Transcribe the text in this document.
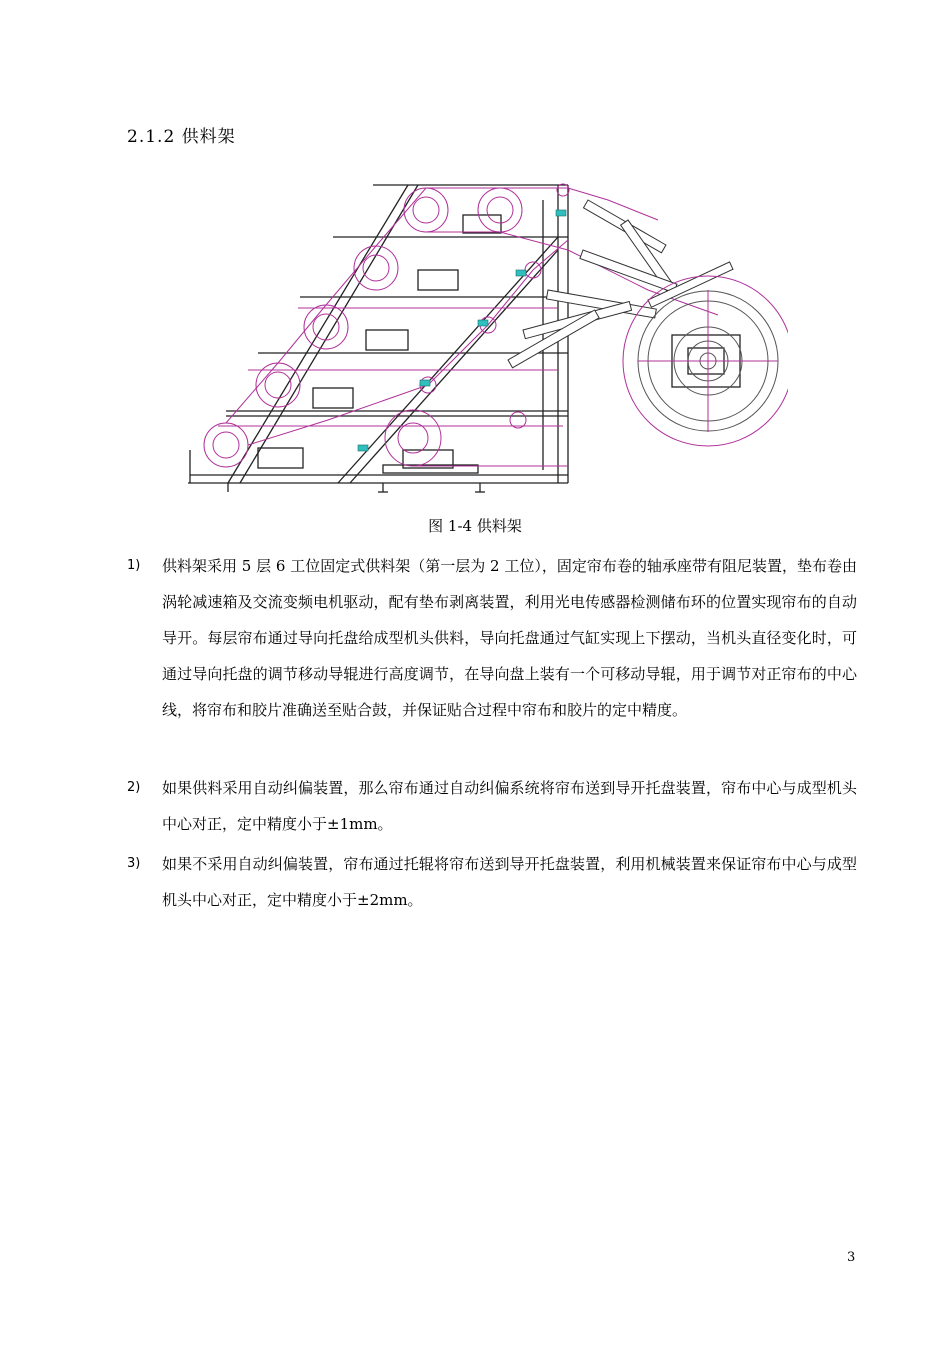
2.1.2 供料架
图 1-4 供料架
1) 供料架采用 5 层 6 工位固定式供料架（第一层为 2 工位），固定帘布卷的轴承座带有阻尼装置，垫布卷由涡轮减速箱及交流变频电机驱动，配有垫布剥离装置，利用光电传感器检测储布环的位置实现帘布的自动导开。每层帘布通过导向托盘给成型机头供料，导向托盘通过气缸实现上下摆动，当机头直径变化时，可通过导向托盘的调节移动导辊进行高度调节，在导向盘上装有一个可移动导辊，用于调节对正帘布的中心线，将帘布和胶片准确送至贴合鼓，并保证贴合过程中帘布和胶片的定中精度。
2) 如果供料采用自动纠偏装置，那么帘布通过自动纠偏系统将帘布送到导开托盘装置，帘布中心与成型机头中心对正，定中精度小于±1mm。
3) 如果不采用自动纠偏装置，帘布通过托辊将帘布送到导开托盘装置，利用机械装置来保证帘布中心与成型机头中心对正，定中精度小于±2mm。
3
